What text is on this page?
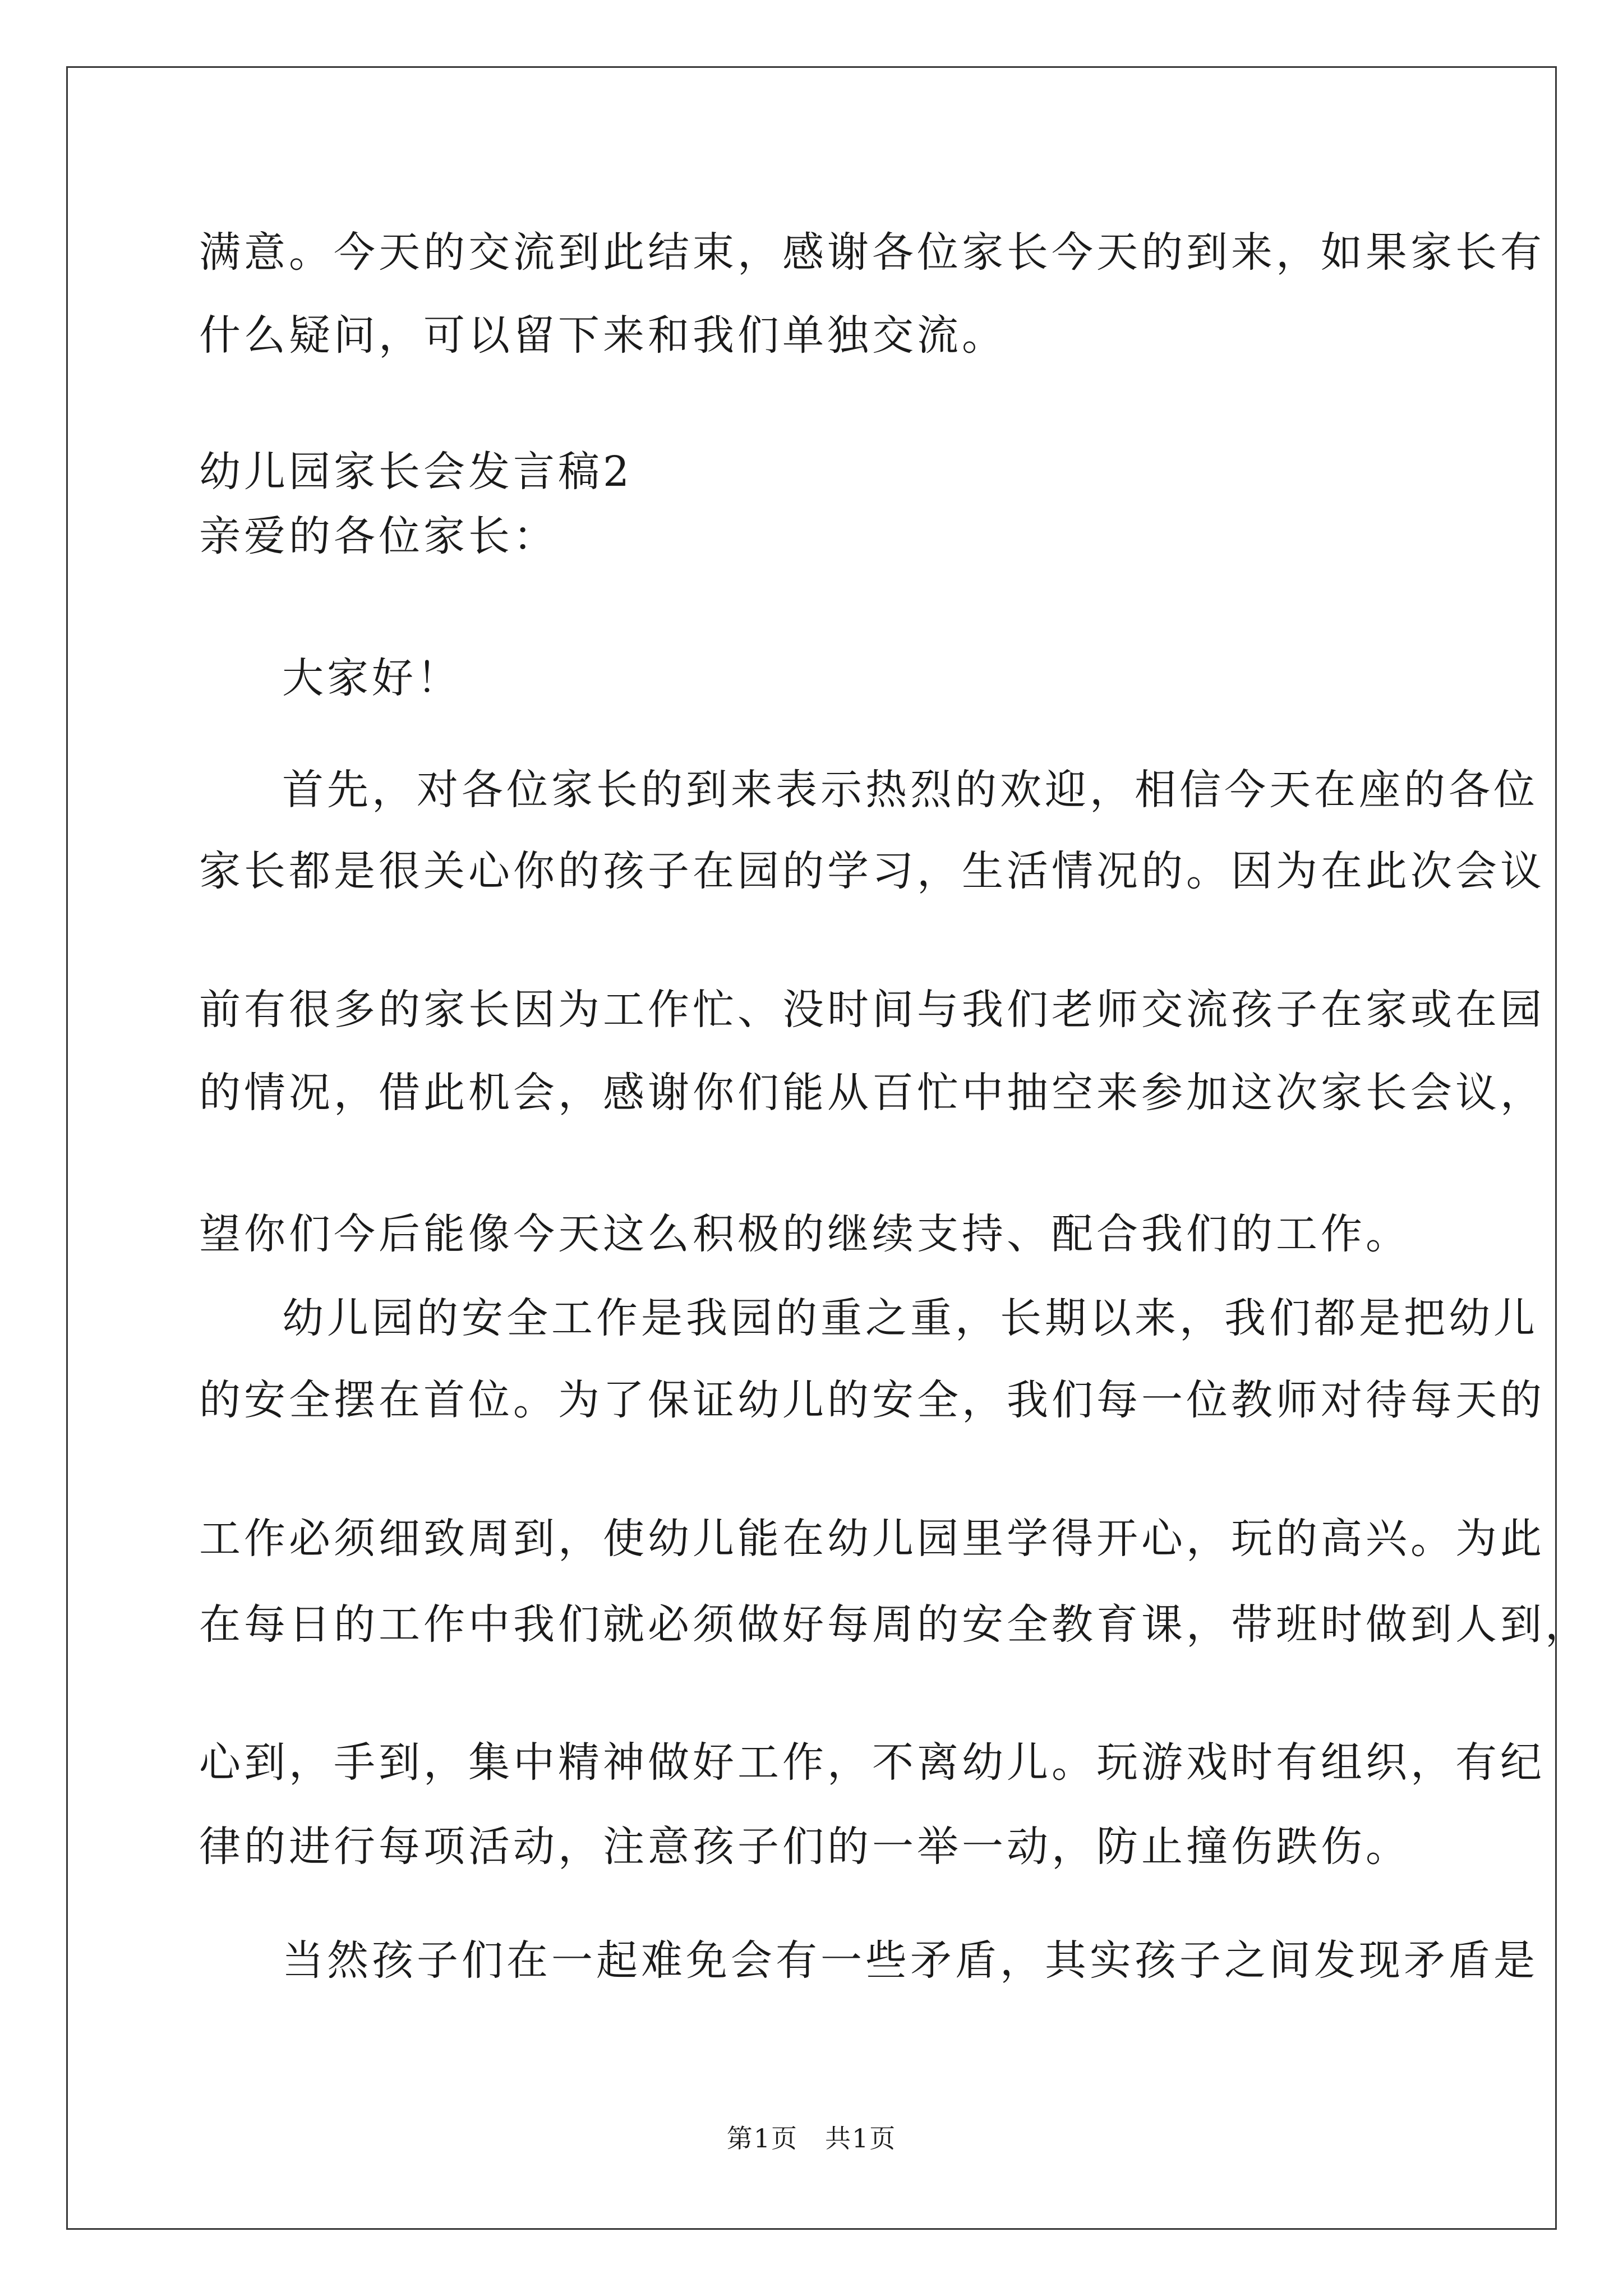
满意。今天的交流到此结束，感谢各位家长今天的到来，如果家长有
什么疑问，可以留下来和我们单独交流。
幼儿园家长会发言稿2
亲爱的各位家长：
大家好！
首先，对各位家长的到来表示热烈的欢迎，相信今天在座的各位
家长都是很关心你的孩子在园的学习，生活情况的。因为在此次会议
前有很多的家长因为工作忙、没时间与我们老师交流孩子在家或在园
的情况，借此机会，感谢你们能从百忙中抽空来参加这次家长会议，
望你们今后能像今天这么积极的继续支持、配合我们的工作。
幼儿园的安全工作是我园的重之重，长期以来，我们都是把幼儿
的安全摆在首位。为了保证幼儿的安全，我们每一位教师对待每天的
工作必须细致周到，使幼儿能在幼儿园里学得开心，玩的高兴。为此
在每日的工作中我们就必须做好每周的安全教育课，带班时做到人到，
心到，手到，集中精神做好工作，不离幼儿。玩游戏时有组织，有纪
律的进行每项活动，注意孩子们的一举一动，防止撞伤跌伤。
当然孩子们在一起难免会有一些矛盾，其实孩子之间发现矛盾是
第1页　共1页
